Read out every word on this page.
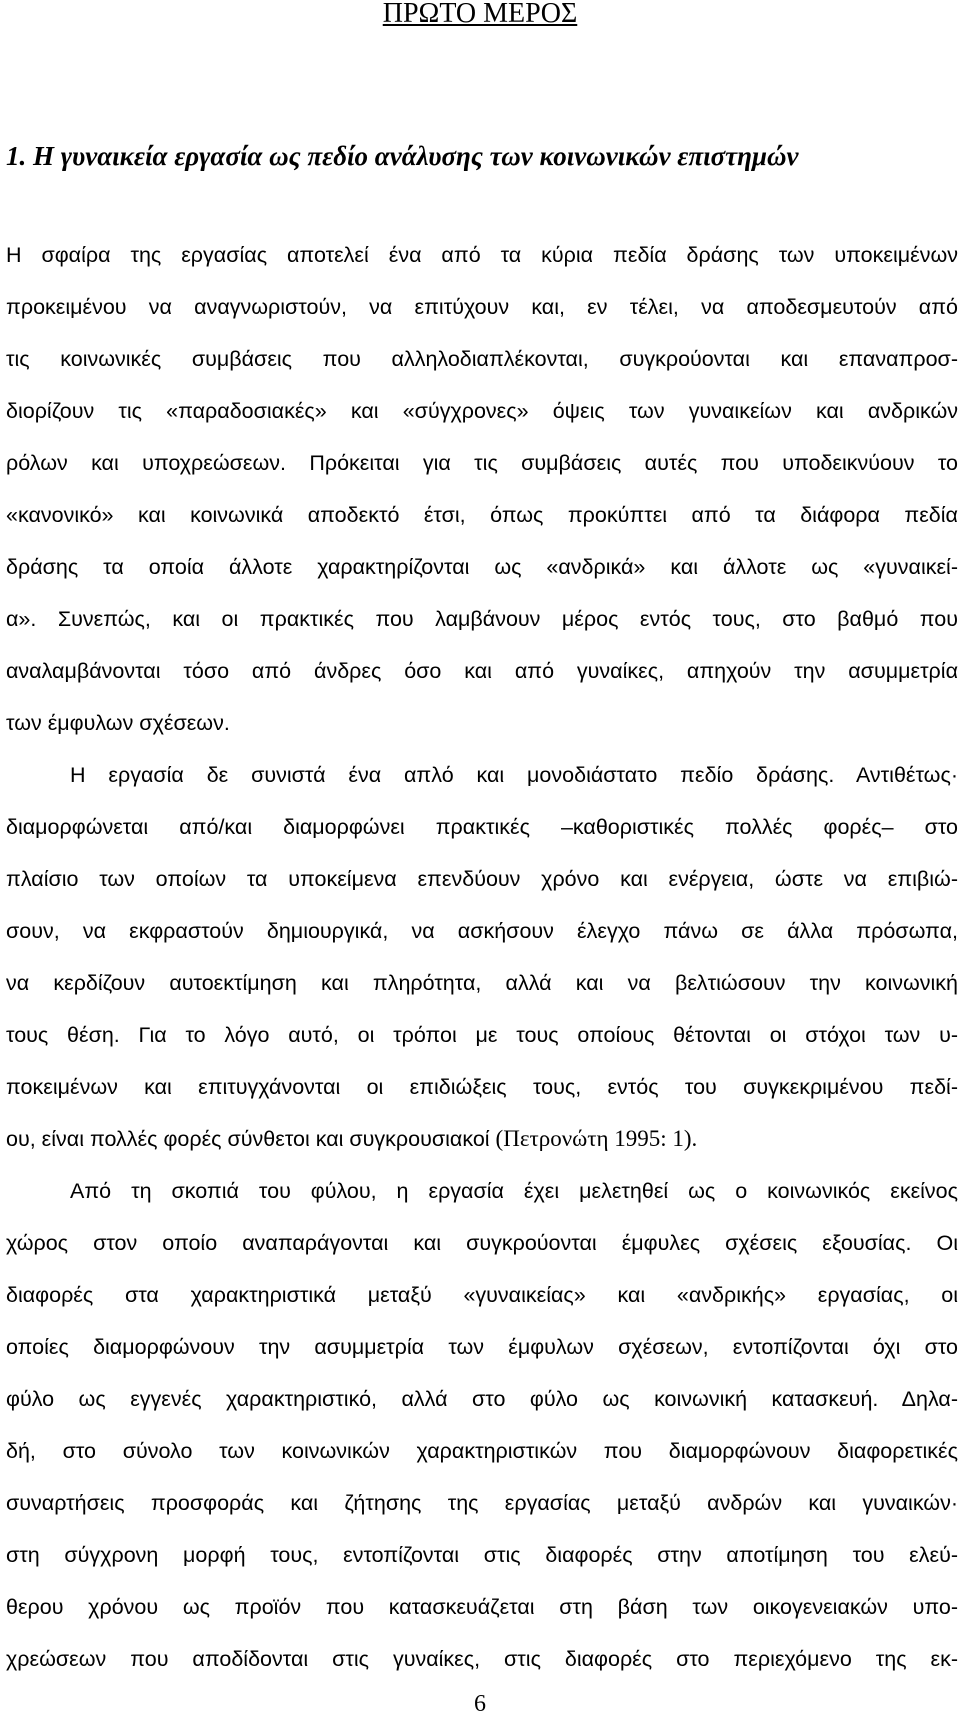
ΠΡΩΤΟ ΜΕΡΟΣ
1. Η γυναικεία εργασία ως πεδίο ανάλυσης των κοινωνικών επιστημών
Η σφαίρα της εργασίας αποτελεί ένα από τα κύρια πεδία δράσης των υποκειμένων
προκειμένου να αναγνωριστούν, να επιτύχουν και, εν τέλει, να αποδεσμευτούν από
τις κοινωνικές συμβάσεις που αλληλοδιαπλέκονται, συγκρούονται και επαναπροσ-
διορίζουν τις «παραδοσιακές» και «σύγχρονες» όψεις των γυναικείων και ανδρικών
ρόλων και υποχρεώσεων. Πρόκειται για τις συμβάσεις αυτές που υποδεικνύουν το
«κανονικό» και κοινωνικά αποδεκτό έτσι, όπως προκύπτει από τα διάφορα πεδία
δράσης τα οποία άλλοτε χαρακτηρίζονται ως «ανδρικά» και άλλοτε ως «γυναικεί-
α». Συνεπώς, και οι πρακτικές που λαμβάνουν μέρος εντός τους, στο βαθμό που
αναλαμβάνονται τόσο από άνδρες όσο και από γυναίκες, απηχούν την ασυμμετρία
των έμφυλων σχέσεων.
Η εργασία δε συνιστά ένα απλό και μονοδιάστατο πεδίο δράσης. Αντιθέτως·
διαμορφώνεται από/και διαμορφώνει πρακτικές –καθοριστικές πολλές φορές– στο
πλαίσιο των οποίων τα υποκείμενα επενδύουν χρόνο και ενέργεια, ώστε να επιβιώ-
σουν, να εκφραστούν δημιουργικά, να ασκήσουν έλεγχο πάνω σε άλλα πρόσωπα,
να κερδίζουν αυτοεκτίμηση και πληρότητα, αλλά και να βελτιώσουν την κοινωνική
τους θέση. Για το λόγο αυτό, οι τρόποι με τους οποίους θέτονται οι στόχοι των υ-
ποκειμένων και επιτυγχάνονται οι επιδιώξεις τους, εντός του συγκεκριμένου πεδί-
ου, είναι πολλές φορές σύνθετοι και συγκρουσιακοί (Πετρονώτη 1995: 1).
Από τη σκοπιά του φύλου, η εργασία έχει μελετηθεί ως ο κοινωνικός εκείνος
χώρος στον οποίο αναπαράγονται και συγκρούονται έμφυλες σχέσεις εξουσίας. Οι
διαφορές στα χαρακτηριστικά μεταξύ «γυναικείας» και «ανδρικής» εργασίας, οι
οποίες διαμορφώνουν την ασυμμετρία των έμφυλων σχέσεων, εντοπίζονται όχι στο
φύλο ως εγγενές χαρακτηριστικό, αλλά στο φύλο ως κοινωνική κατασκευή. Δηλα-
δή, στο σύνολο των κοινωνικών χαρακτηριστικών που διαμορφώνουν διαφορετικές
συναρτήσεις προσφοράς και ζήτησης της εργασίας μεταξύ ανδρών και γυναικών·
στη σύγχρονη μορφή τους, εντοπίζονται στις διαφορές στην αποτίμηση του ελεύ-
θερου χρόνου ως προϊόν που κατασκευάζεται στη βάση των οικογενειακών υπο-
χρεώσεων που αποδίδονται στις γυναίκες, στις διαφορές στο περιεχόμενο της εκ-
6
